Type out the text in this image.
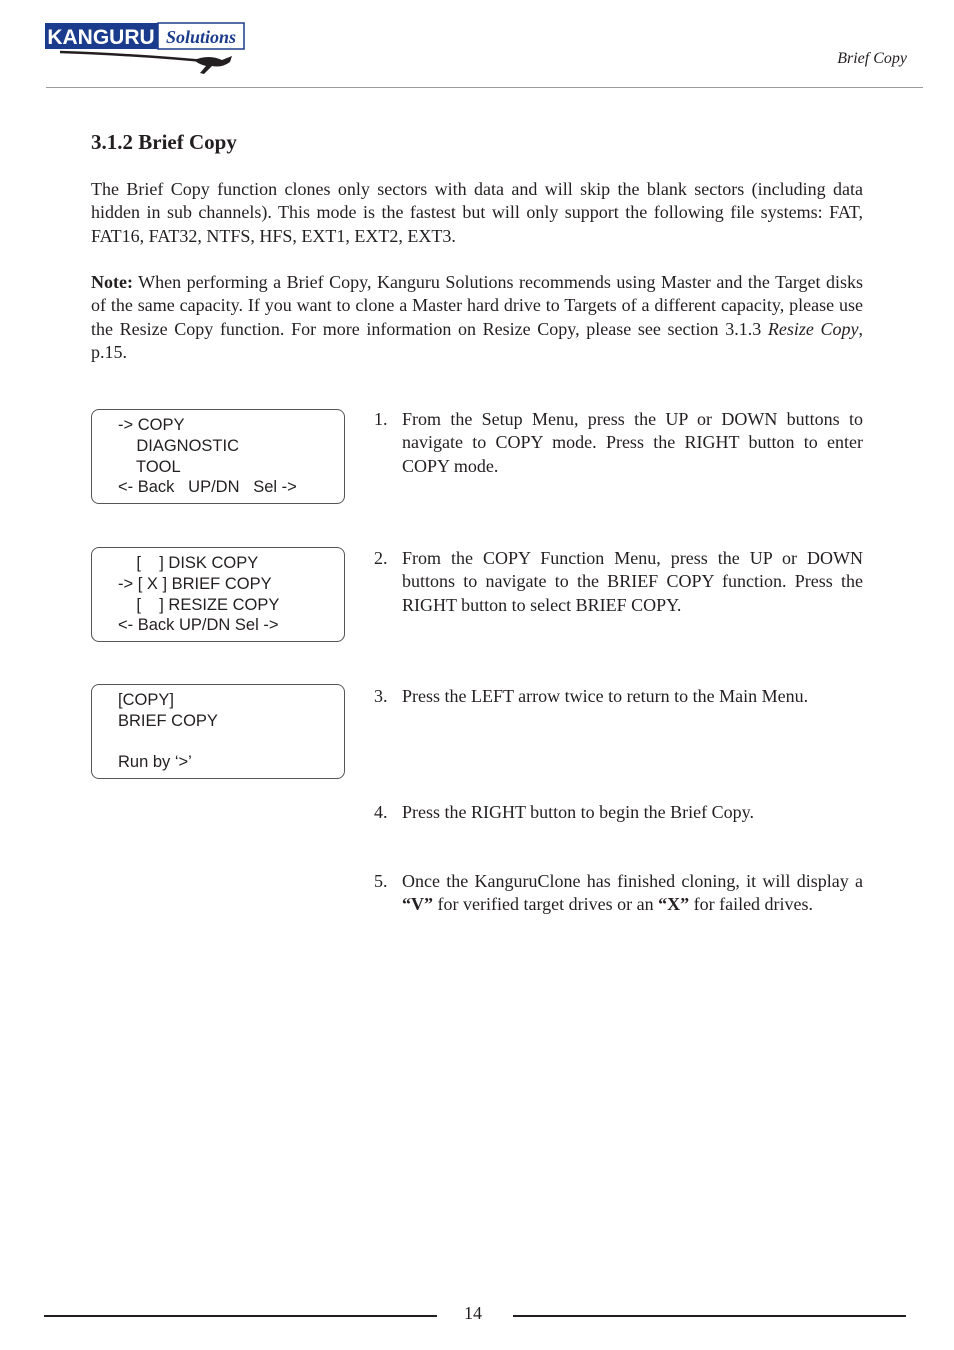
KANGURU Solutions
Brief Copy
3.1.2 Brief Copy

The Brief Copy function clones only sectors with data and will skip the blank sectors (including data hidden in sub channels). This mode is the fastest but will only support the following file systems: FAT, FAT16, FAT32, NTFS, HFS, EXT1, EXT2, EXT3.

Note: When performing a Brief Copy, Kanguru Solutions recommends using Master and the Target disks of the same capacity. If you want to clone a Master hard drive to Targets of a different capacity, please use the Resize Copy function. For more information on Resize Copy, please see section 3.1.3 Resize Copy, p.15.

-> COPY
DIAGNOSTIC
TOOL
<- Back   UP/DN   Sel ->
[    ] DISK COPY
-> [ X ] BRIEF COPY
[    ] RESIZE COPY
<- Back UP/DN Sel ->
[COPY]
BRIEF COPY
Run by ‘>’
1. From the Setup Menu, press the UP or DOWN buttons to navigate to COPY mode. Press the RIGHT button to enter COPY mode.
2. From the COPY Function Menu, press the UP or DOWN buttons to navigate to the BRIEF COPY function. Press the RIGHT button to select BRIEF COPY.
3. Press the LEFT arrow twice to return to the Main Menu.
4. Press the RIGHT button to begin the Brief Copy.
5. Once the KanguruClone has finished cloning, it will display a “V” for verified target drives or an “X” for failed drives.
14
